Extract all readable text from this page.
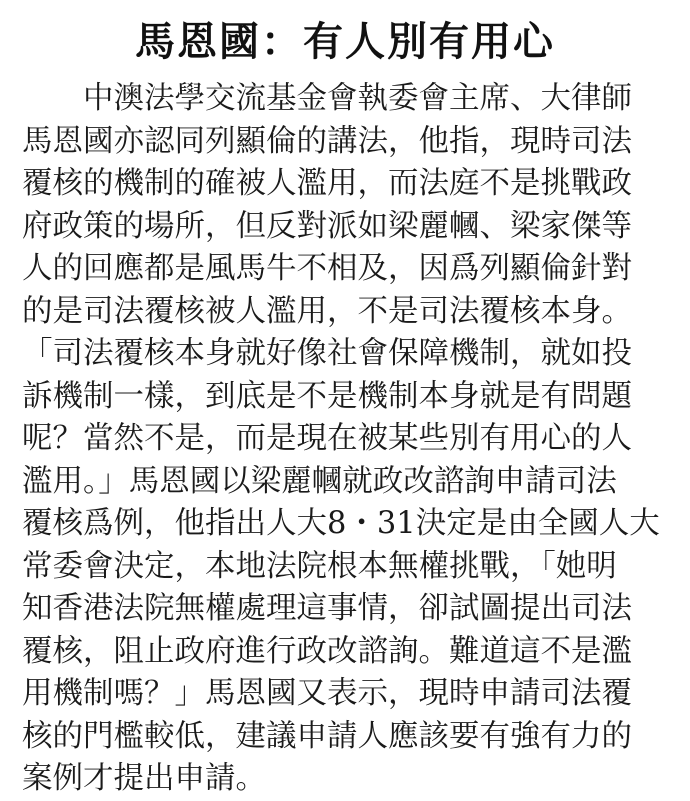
馬恩國：有人別有用心
中澳法學交流基金會執委會主席、大律師
馬恩國亦認同列顯倫的講法，他指，現時司法
覆核的機制的確被人濫用，而法庭不是挑戰政
府政策的場所，但反對派如梁麗幗、梁家傑等
人的回應都是風馬牛不相及，因爲列顯倫針對
的是司法覆核被人濫用，不是司法覆核本身。
「司法覆核本身就好像社會保障機制，就如投
訴機制一樣，到底是不是機制本身就是有問題
呢？當然不是，而是現在被某些別有用心的人
濫用。」馬恩國以梁麗幗就政改諮詢申請司法
覆核爲例，他指出人大8・31決定是由全國人大
常委會決定，本地法院根本無權挑戰，「她明
知香港法院無權處理這事情，卻試圖提出司法
覆核，阻止政府進行政改諮詢。難道這不是濫
用機制嗎？」馬恩國又表示，現時申請司法覆
核的門檻較低，建議申請人應該要有強有力的
案例才提出申請。
